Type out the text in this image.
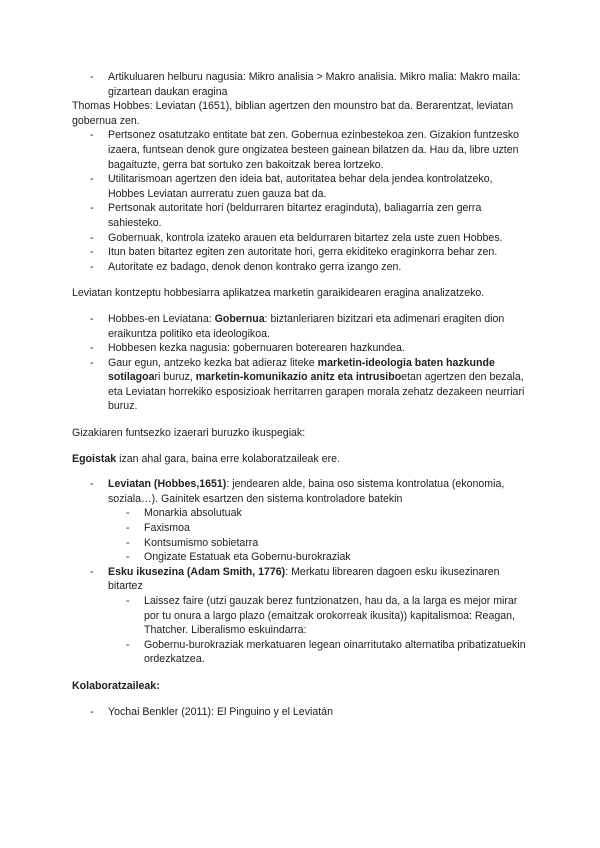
- Artikuluaren helburu nagusia: Mikro analisia > Makro analisia. Mikro malia: Makro maila: gizartean daukan eragina

Thomas Hobbes: Leviatan (1651), biblian agertzen den mounstro bat da. Berarentzat, leviatan gobernua zen.

- Pertsonez osatutzako entitate bat zen. Gobernua ezinbestekoa zen. Gizakion funtzesko izaera, funtsean denok gure ongizatea besteen gainean bilatzen da. Hau da, libre uzten bagaituzte, gerra bat sortuko zen bakoitzak berea lortzeko.
- Utilitarismoan agertzen den ideia bat, autoritatea behar dela jendea kontrolatzeko, Hobbes Leviatan aurreratu zuen gauza bat da.
- Pertsonak autoritate hori (beldurraren bitartez eraginduta), baliagarria zen gerra sahiesteko.
- Gobernuak, kontrola izateko arauen eta beldurraren bitartez zela uste zuen Hobbes.
- Itun baten bitartez egiten zen autoritate hori, gerra ekiditeko eraginkorra behar zen.
- Autoritate ez badago, denok denon kontrako gerra izango zen.

Leviatan kontzeptu hobbesiarra aplikatzea marketin garaikidearen eragina analizatzeko.

- Hobbes-en Leviatana: Gobernua: biztanleriaren bizitzari eta adimenari eragiten dion eraikuntza politiko eta ideologikoa.
- Hobbesen kezka nagusia: gobernuaren boterearen hazkundea.
- Gaur egun, antzeko kezka bat adieraz liteke marketin-ideologia baten hazkunde sotilagoari buruz, marketin-komunikazio anitz eta intrusiboetan agertzen den bezala, eta Leviatan horrekiko esposizioak herritarren garapen morala zehatz dezakeen neurriari buruz.

Gizakiaren funtsezko izaerari buruzko ikuspegiak:

Egoistak izan ahal gara, baina erre kolaboratzaileak ere.

- Leviatan (Hobbes,1651): jendearen alde, baina oso sistema kontrolatua (ekonomia, soziala…). Gainitek esartzen den sistema kontroladore batekin
- Monarkia absolutuak
- Faxismoa
- Kontsumismo sobietarra
- Ongizate Estatuak eta Gobernu-burokraziak
- Esku ikusezina (Adam Smith, 1776): Merkatu librearen dagoen esku ikusezinaren bitartez
- Laissez faire (utzi gauzak berez funtzionatzen, hau da, a la larga es mejor mirar por tu onura a largo plazo (emaitzak orokorreak ikusita)) kapitalismoa: Reagan, Thatcher. Liberalismo eskuindarra:
- Gobernu-burokraziak merkatuaren legean oinarritutako alternatiba pribatizatuekin ordezkatzea.

Kolaboratzaileak:

- Yochai Benkler (2011): El Pinguino y el Leviatán
